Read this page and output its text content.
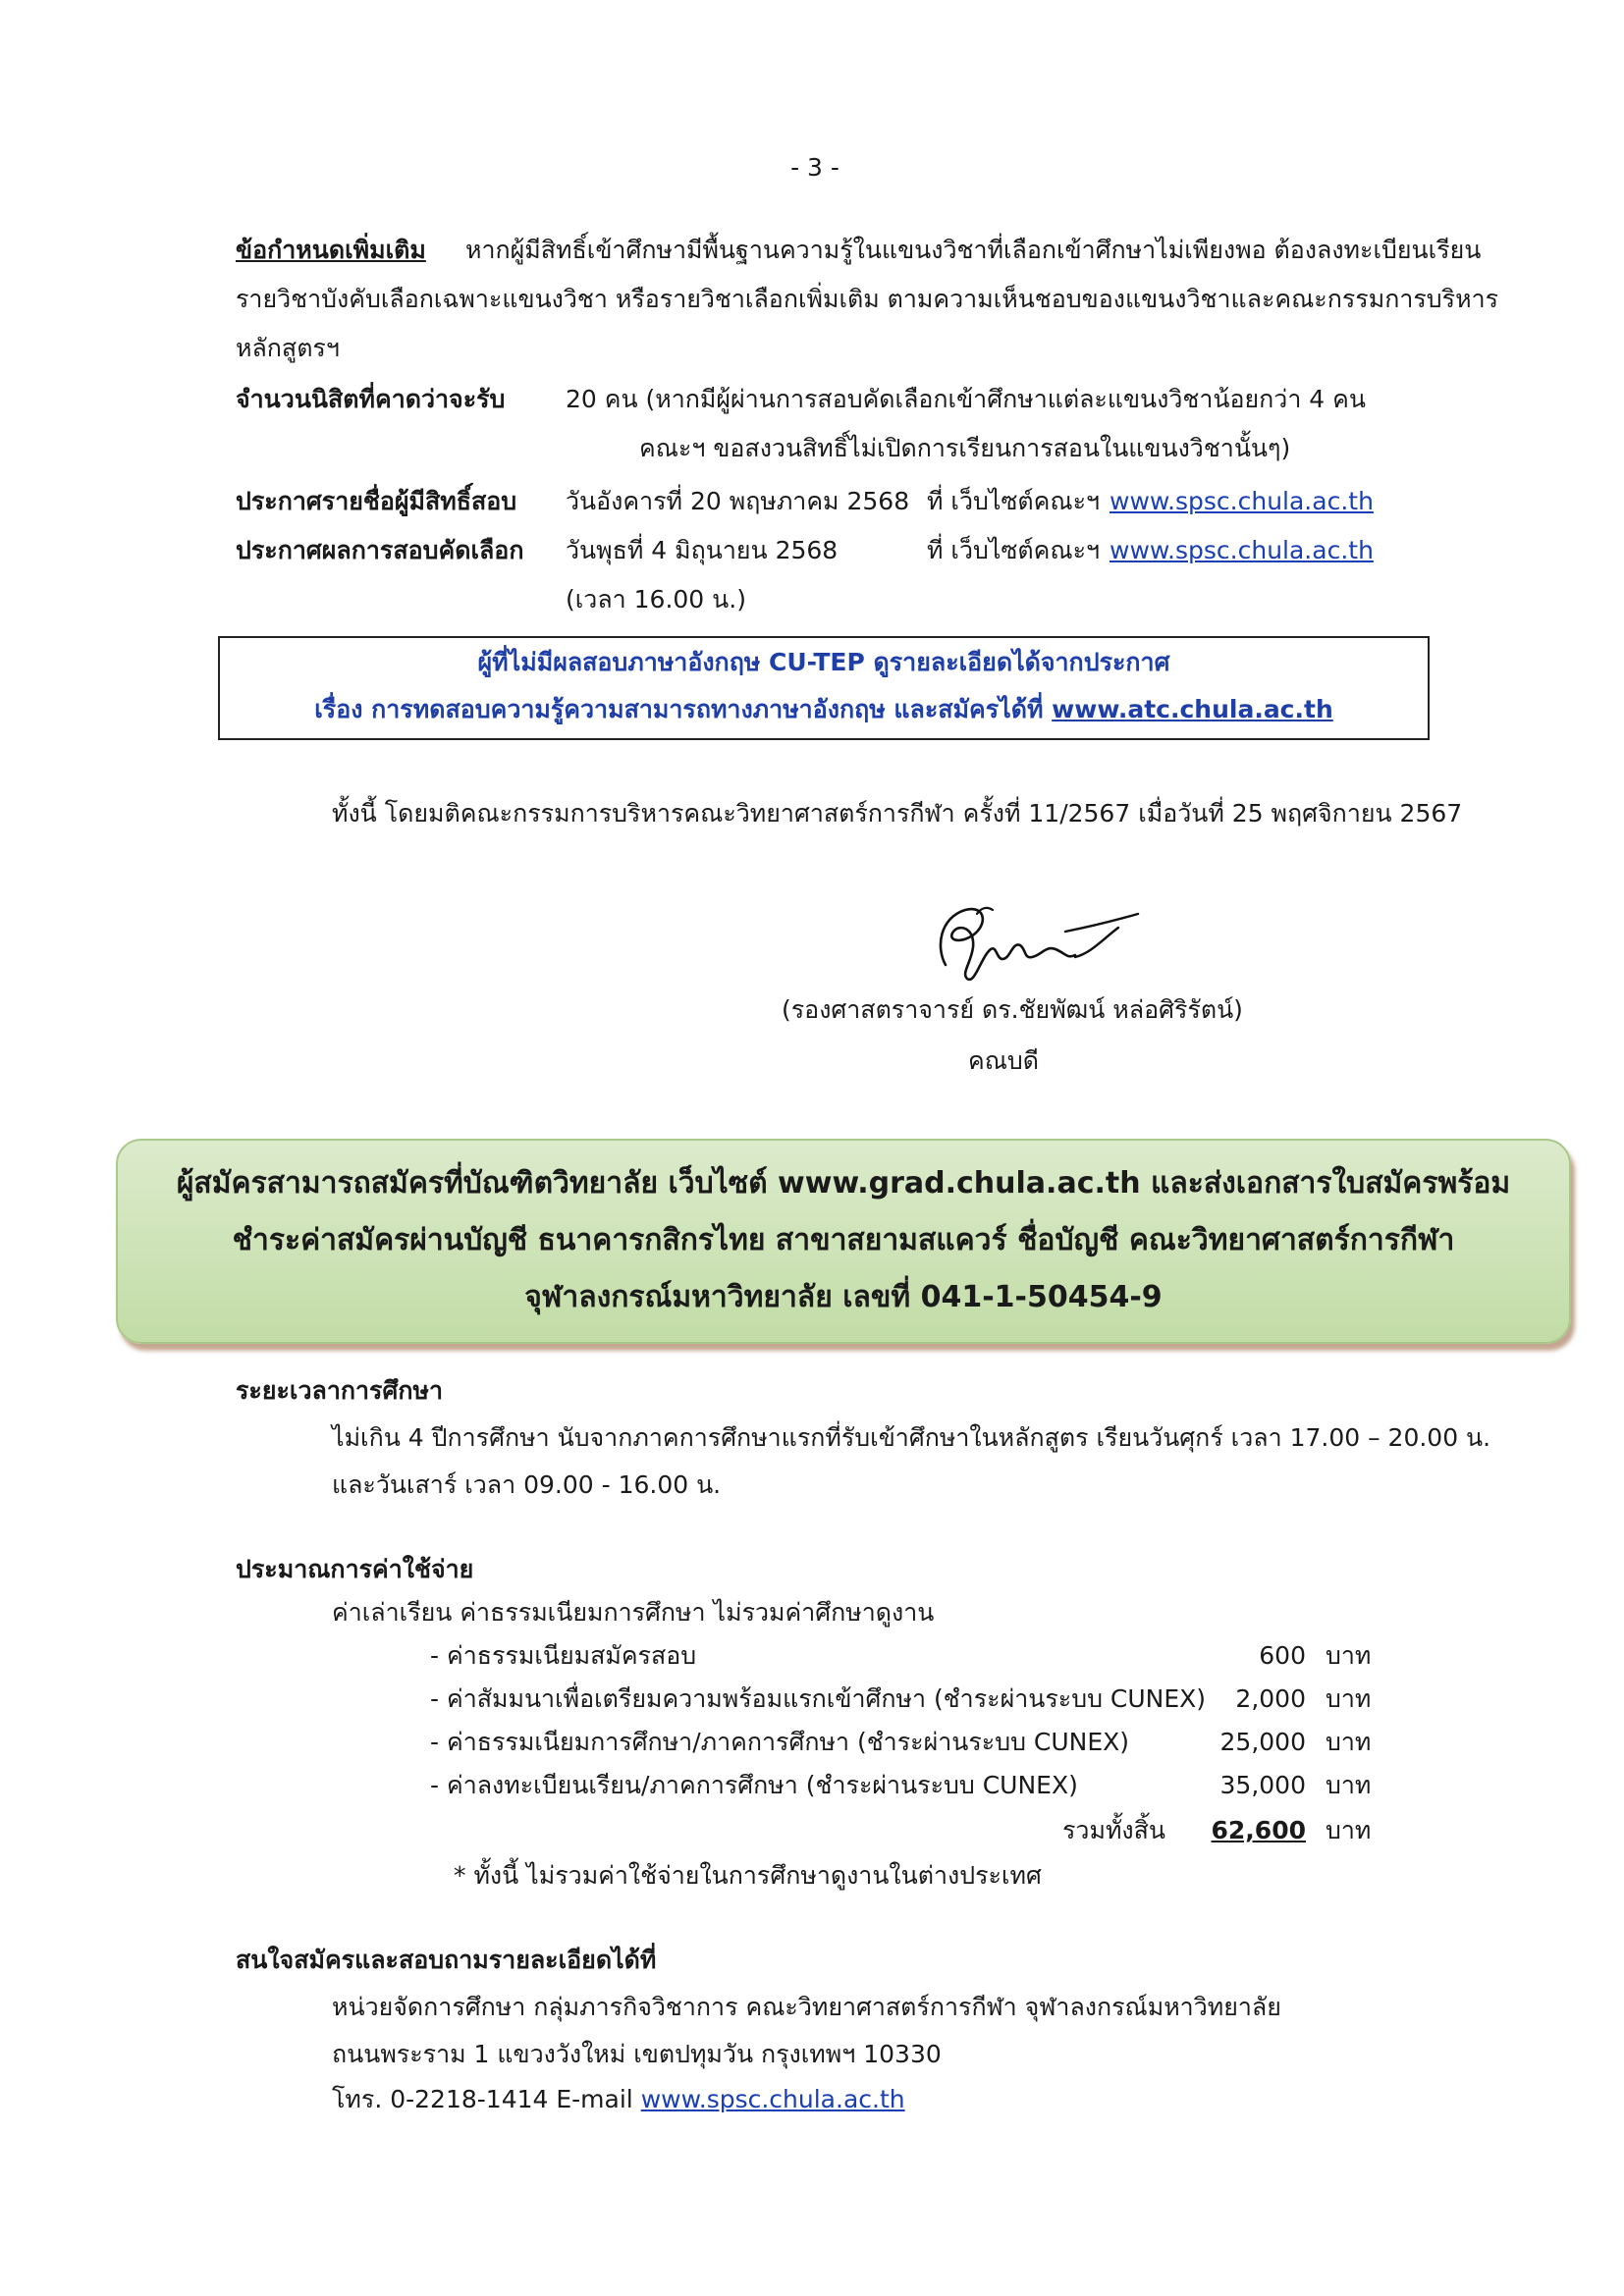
- 3 -
ข้อกำหนดเพิ่มเติม หากผู้มีสิทธิ์เข้าศึกษามีพื้นฐานความรู้ในแขนงวิชาที่เลือกเข้าศึกษาไม่เพียงพอ ต้องลงทะเบียนเรียน
รายวิชาบังคับเลือกเฉพาะแขนงวิชา หรือรายวิชาเลือกเพิ่มเติม ตามความเห็นชอบของแขนงวิชาและคณะกรรมการบริหาร
หลักสูตรฯ
จำนวนนิสิตที่คาดว่าจะรับ 20 คน (หากมีผู้ผ่านการสอบคัดเลือกเข้าศึกษาแต่ละแขนงวิชาน้อยกว่า 4 คน
คณะฯ ขอสงวนสิทธิ์ไม่เปิดการเรียนการสอนในแขนงวิชานั้นๆ)
ประกาศรายชื่อผู้มีสิทธิ์สอบ วันอังคารที่ 20 พฤษภาคม 2568 ที่ เว็บไซต์คณะฯ www.spsc.chula.ac.th
ประกาศผลการสอบคัดเลือก วันพุธที่ 4 มิถุนายน 2568	ที่ เว็บไซต์คณะฯ www.spsc.chula.ac.th
(เวลา 16.00 น.)
ผู้ที่ไม่มีผลสอบภาษาอังกฤษ CU-TEP ดูรายละเอียดได้จากประกาศ
เรื่อง การทดสอบความรู้ความสามารถทางภาษาอังกฤษ และสมัครได้ที่ www.atc.chula.ac.th
ทั้งนี้ โดยมติคณะกรรมการบริหารคณะวิทยาศาสตร์การกีฬา ครั้งที่ 11/2567 เมื่อวันที่ 25 พฤศจิกายน 2567
(รองศาสตราจารย์ ดร.ชัยพัฒน์ หล่อศิริรัตน์)
คณบดี
ผู้สมัครสามารถสมัครที่บัณฑิตวิทยาลัย เว็บไซต์ www.grad.chula.ac.th และส่งเอกสารใบสมัครพร้อม
ชำระค่าสมัครผ่านบัญชี ธนาคารกสิกรไทย สาขาสยามสแควร์ ชื่อบัญชี คณะวิทยาศาสตร์การกีฬา
จุฬาลงกรณ์มหาวิทยาลัย เลขที่ 041-1-50454-9
ระยะเวลาการศึกษา
ไม่เกิน 4 ปีการศึกษา นับจากภาคการศึกษาแรกที่รับเข้าศึกษาในหลักสูตร เรียนวันศุกร์ เวลา 17.00 – 20.00 น.
และวันเสาร์ เวลา 09.00 - 16.00 น.
ประมาณการค่าใช้จ่าย
ค่าเล่าเรียน ค่าธรรมเนียมการศึกษา ไม่รวมค่าศึกษาดูงาน
- ค่าธรรมเนียมสมัครสอบ	600 บาท
- ค่าสัมมนาเพื่อเตรียมความพร้อมแรกเข้าศึกษา (ชำระผ่านระบบ CUNEX)	2,000 บาท
- ค่าธรรมเนียมการศึกษา/ภาคการศึกษา (ชำระผ่านระบบ CUNEX)	25,000 บาท
- ค่าลงทะเบียนเรียน/ภาคการศึกษา (ชำระผ่านระบบ CUNEX)	35,000 บาท
รวมทั้งสิ้น	62,600 บาท
* ทั้งนี้ ไม่รวมค่าใช้จ่ายในการศึกษาดูงานในต่างประเทศ
สนใจสมัครและสอบถามรายละเอียดได้ที่
หน่วยจัดการศึกษา กลุ่มภารกิจวิชาการ คณะวิทยาศาสตร์การกีฬา จุฬาลงกรณ์มหาวิทยาลัย
ถนนพระราม 1 แขวงวังใหม่ เขตปทุมวัน กรุงเทพฯ 10330
โทร. 0-2218-1414 E-mail www.spsc.chula.ac.th
